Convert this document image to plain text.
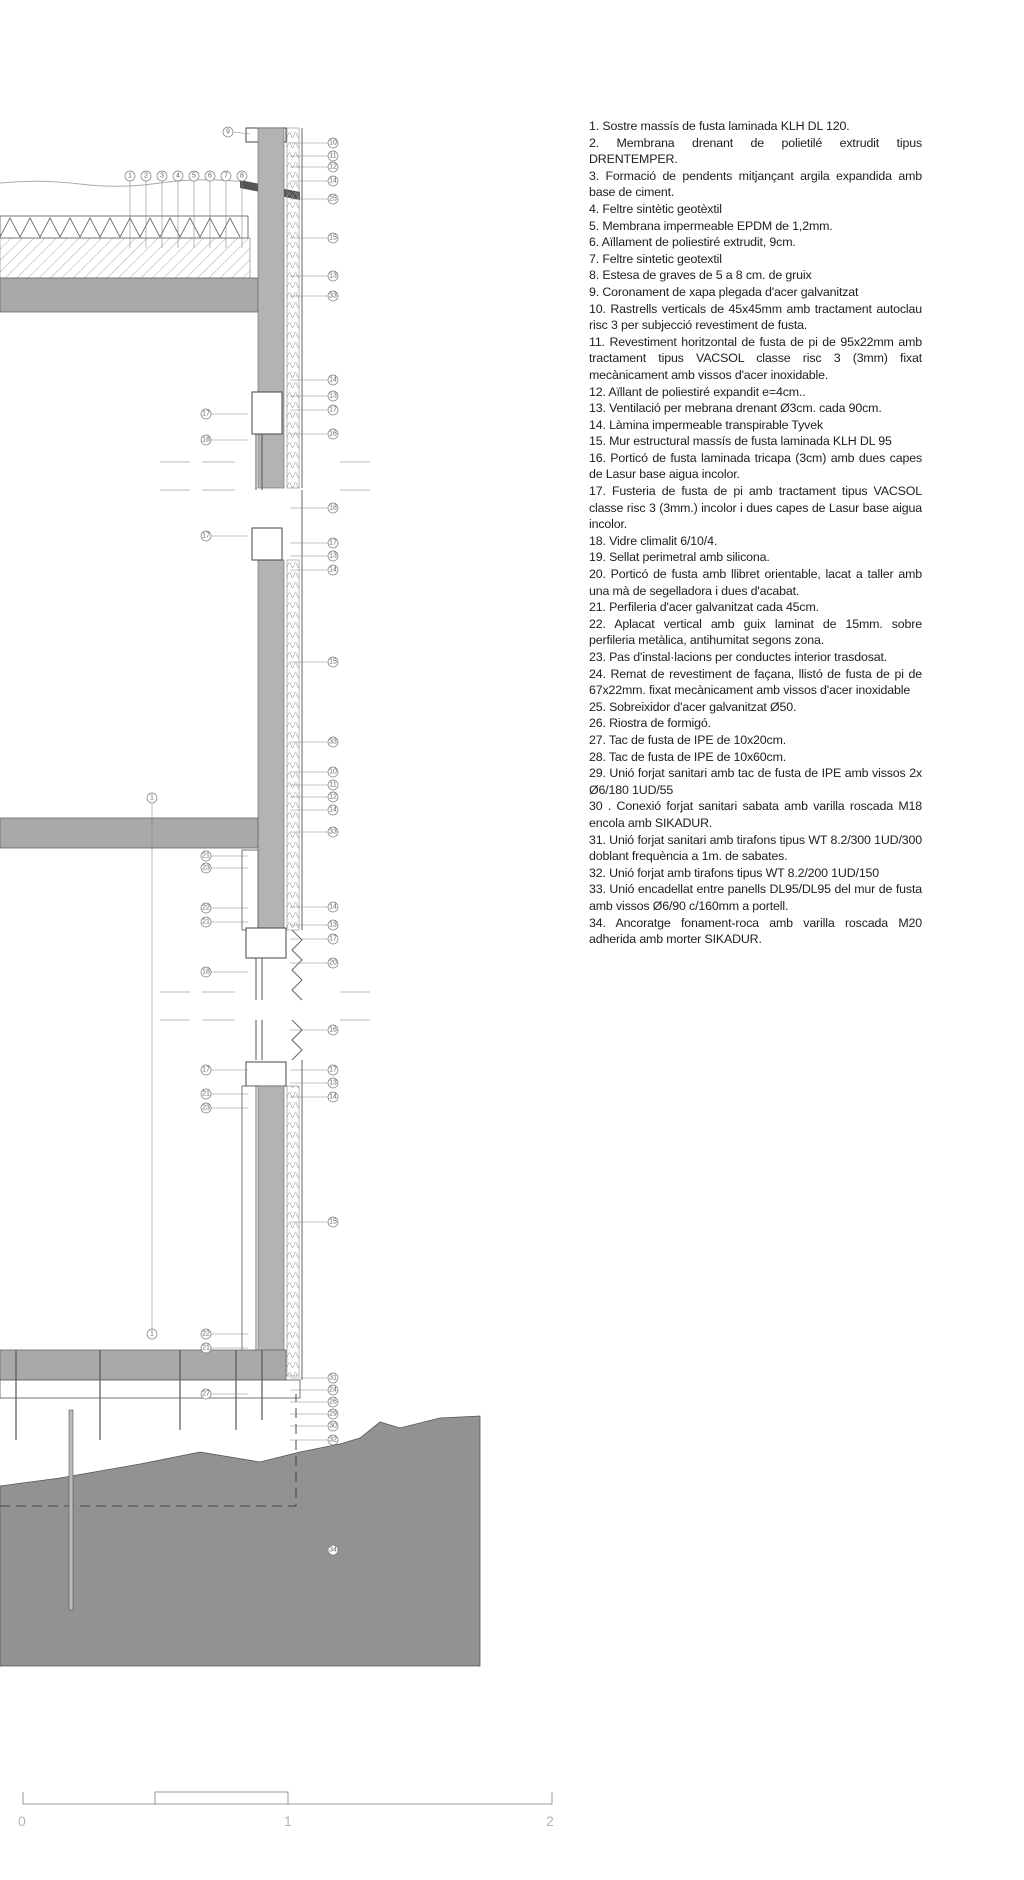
0	1	2
1 2 3 4 5 6 7 8
9
10
11
12
14
25
15
13
33
14
13
17
16
18
17
13
14
15
33
10
11
12
14
33
14
13
17
20
16
17
13
14
15
31
24
26
29
30
32
34
17
18
17
1
21
23
22
21
18
17
21
23
1	22
21
27
1. Sostre massís de fusta laminada KLH DL 120.
2. Membrana drenant de polietilé extrudit tipus DRENTEMPER.
3. Formació de pendents mitjançant argila expandida amb base de ciment.
4. Feltre sintètic geotèxtil
5. Membrana impermeable EPDM de 1,2mm.
6. Aïllament de poliestiré extrudit, 9cm.
7. Feltre sintetic geotextil
8. Estesa de graves de 5 a 8 cm. de gruix
9. Coronament de xapa plegada d'acer galvanitzat
10. Rastrells verticals de 45x45mm amb tractament autoclau risc 3 per subjecció revestiment de fusta.
11. Revestiment horitzontal de fusta de pi de 95x22mm amb tractament tipus VACSOL classe risc 3 (3mm) fixat mecànicament amb vissos d'acer inoxidable.
12. Aïllant de poliestiré expandit e=4cm..
13. Ventilació per mebrana drenant Ø3cm. cada 90cm.
14. Làmina impermeable transpirable Tyvek
15. Mur estructural massís de fusta laminada KLH DL 95
16. Porticó de fusta laminada tricapa (3cm) amb dues capes de Lasur base aigua incolor.
17. Fusteria de fusta de pi amb tractament tipus VACSOL classe risc 3 (3mm.) incolor i dues capes de Lasur base aigua incolor.
18. Vidre climalit 6/10/4.
19. Sellat perimetral amb silicona.
20. Porticó de fusta amb llibret orientable, lacat a taller amb una mà de segelladora i dues d'acabat.
21. Perfileria d'acer galvanitzat cada 45cm.
22. Aplacat vertical amb guix laminat de 15mm. sobre perfileria metàlica, antihumitat segons zona.
23. Pas d'instal·lacions per conductes interior trasdosat.
24. Remat de revestiment de façana, llistó de fusta de pi de 67x22mm. fixat mecànicament amb vissos d'acer inoxidable
25. Sobreixidor d'acer galvanitzat Ø50.
26. Riostra de formigó.
27. Tac de fusta de IPE de 10x20cm.
28. Tac de fusta de IPE de 10x60cm.
29. Unió forjat sanitari amb tac de fusta de IPE amb vissos 2x Ø6/180 1UD/55
30 . Conexió forjat sanitari sabata amb varilla roscada M18 encola amb SIKADUR.
31. Unió forjat sanitari amb tirafons tipus WT 8.2/300 1UD/300 doblant frequència a 1m. de sabates.
32. Unió forjat amb tirafons tipus WT 8.2/200 1UD/150
33. Unió encadellat entre panells DL95/DL95 del mur de fusta amb vissos Ø6/90 c/160mm a portell.
34. Ancoratge fonament-roca amb varilla roscada M20 adherida amb morter SIKADUR.
